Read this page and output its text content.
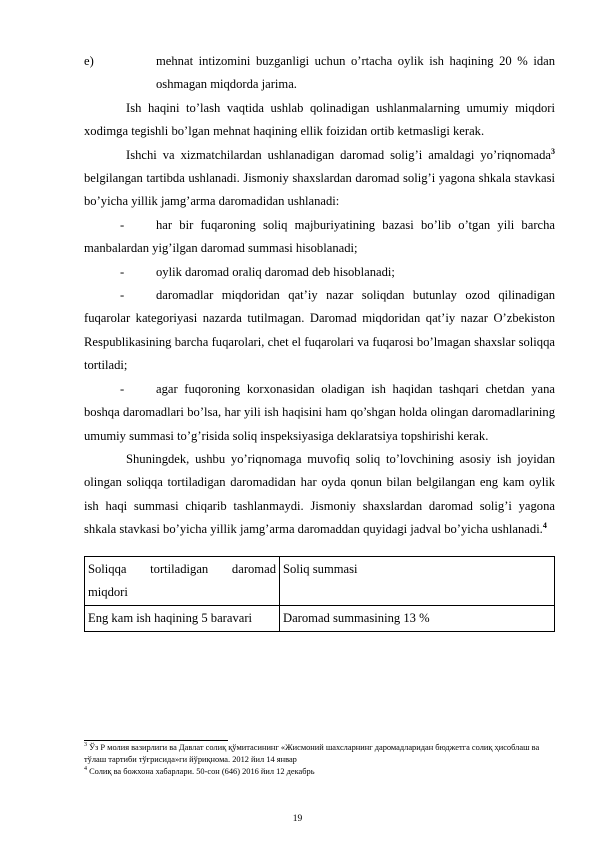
e)	mehnat intizomini buzganligi uchun o’rtacha oylik ish haqining 20 % idan oshmagan miqdorda jarima.

Ish haqini to’lash vaqtida ushlab qolinadigan ushlanmalarning umumiy miqdori xodimga tegishli bo’lgan mehnat haqining ellik foizidan ortib ketmasligi kerak.

Ishchi va xizmatchilardan ushlanadigan daromad solig’i amaldagi yo’riqnomada$^3$ belgilangan tartibda ushlanadi. Jismoniy shaxslardan daromad solig’i yagona shkala stavkasi bo’yicha yillik jamg’arma daromadidan ushlanadi:

-	har bir fuqaroning soliq majburiyatining bazasi bo’lib o’tgan yili barcha manbalardan yig’ilgan daromad summasi hisoblanadi;

-	oylik daromad oraliq daromad deb hisoblanadi;

-	daromadlar miqdoridan qat’iy nazar soliqdan butunlay ozod qilinadigan fuqarolar kategoriyasi nazarda tutilmagan. Daromad miqdoridan qat’iy nazar O’zbekiston Respublikasining barcha fuqarolari, chet el fuqarolari va fuqarosi bo’lmagan shaxslar soliqqa tortiladi;

-	agar fuqoroning korxonasidan oladigan ish haqidan tashqari chetdan yana boshqa daromadlari bo’lsa, har yili ish haqisini ham qo’shgan holda olingan daromadlarining umumiy summasi to’g’risida soliq inspeksiyasiga deklaratsiya topshirishi kerak.

Shuningdek, ushbu yo’riqnomaga muvofiq soliq to’lovchining asosiy ish joyidan olingan soliqqa tortiladigan daromadidan har oyda qonun bilan belgilangan eng kam oylik ish haqi summasi chiqarib tashlanmaydi. Jismoniy shaxslardan daromad solig’i yagona shkala stavkasi bo’yicha yillik jamg’arma daromaddan quyidagi jadval bo’yicha ushlanadi.$^4$

Soliqqa tortiladigan daromad miqdori	Soliq summasi
Eng kam ish haqining 5 baravari	Daromad summasining 13 %
$^3$ Ўз Р молия вазирлиги ва Давлат солиқ қўмитасининг «Жисмоний шахсларнинг даромадларидан бюджетга солиқ ҳисоблаш ва тўлаш тартиби тўғрисида»ги йўриқнома. 2012 йил 14 январ
$^4$ Солиқ ва божхона хабарлари. 50-сон (646) 2016 йил 12 декабрь
19
